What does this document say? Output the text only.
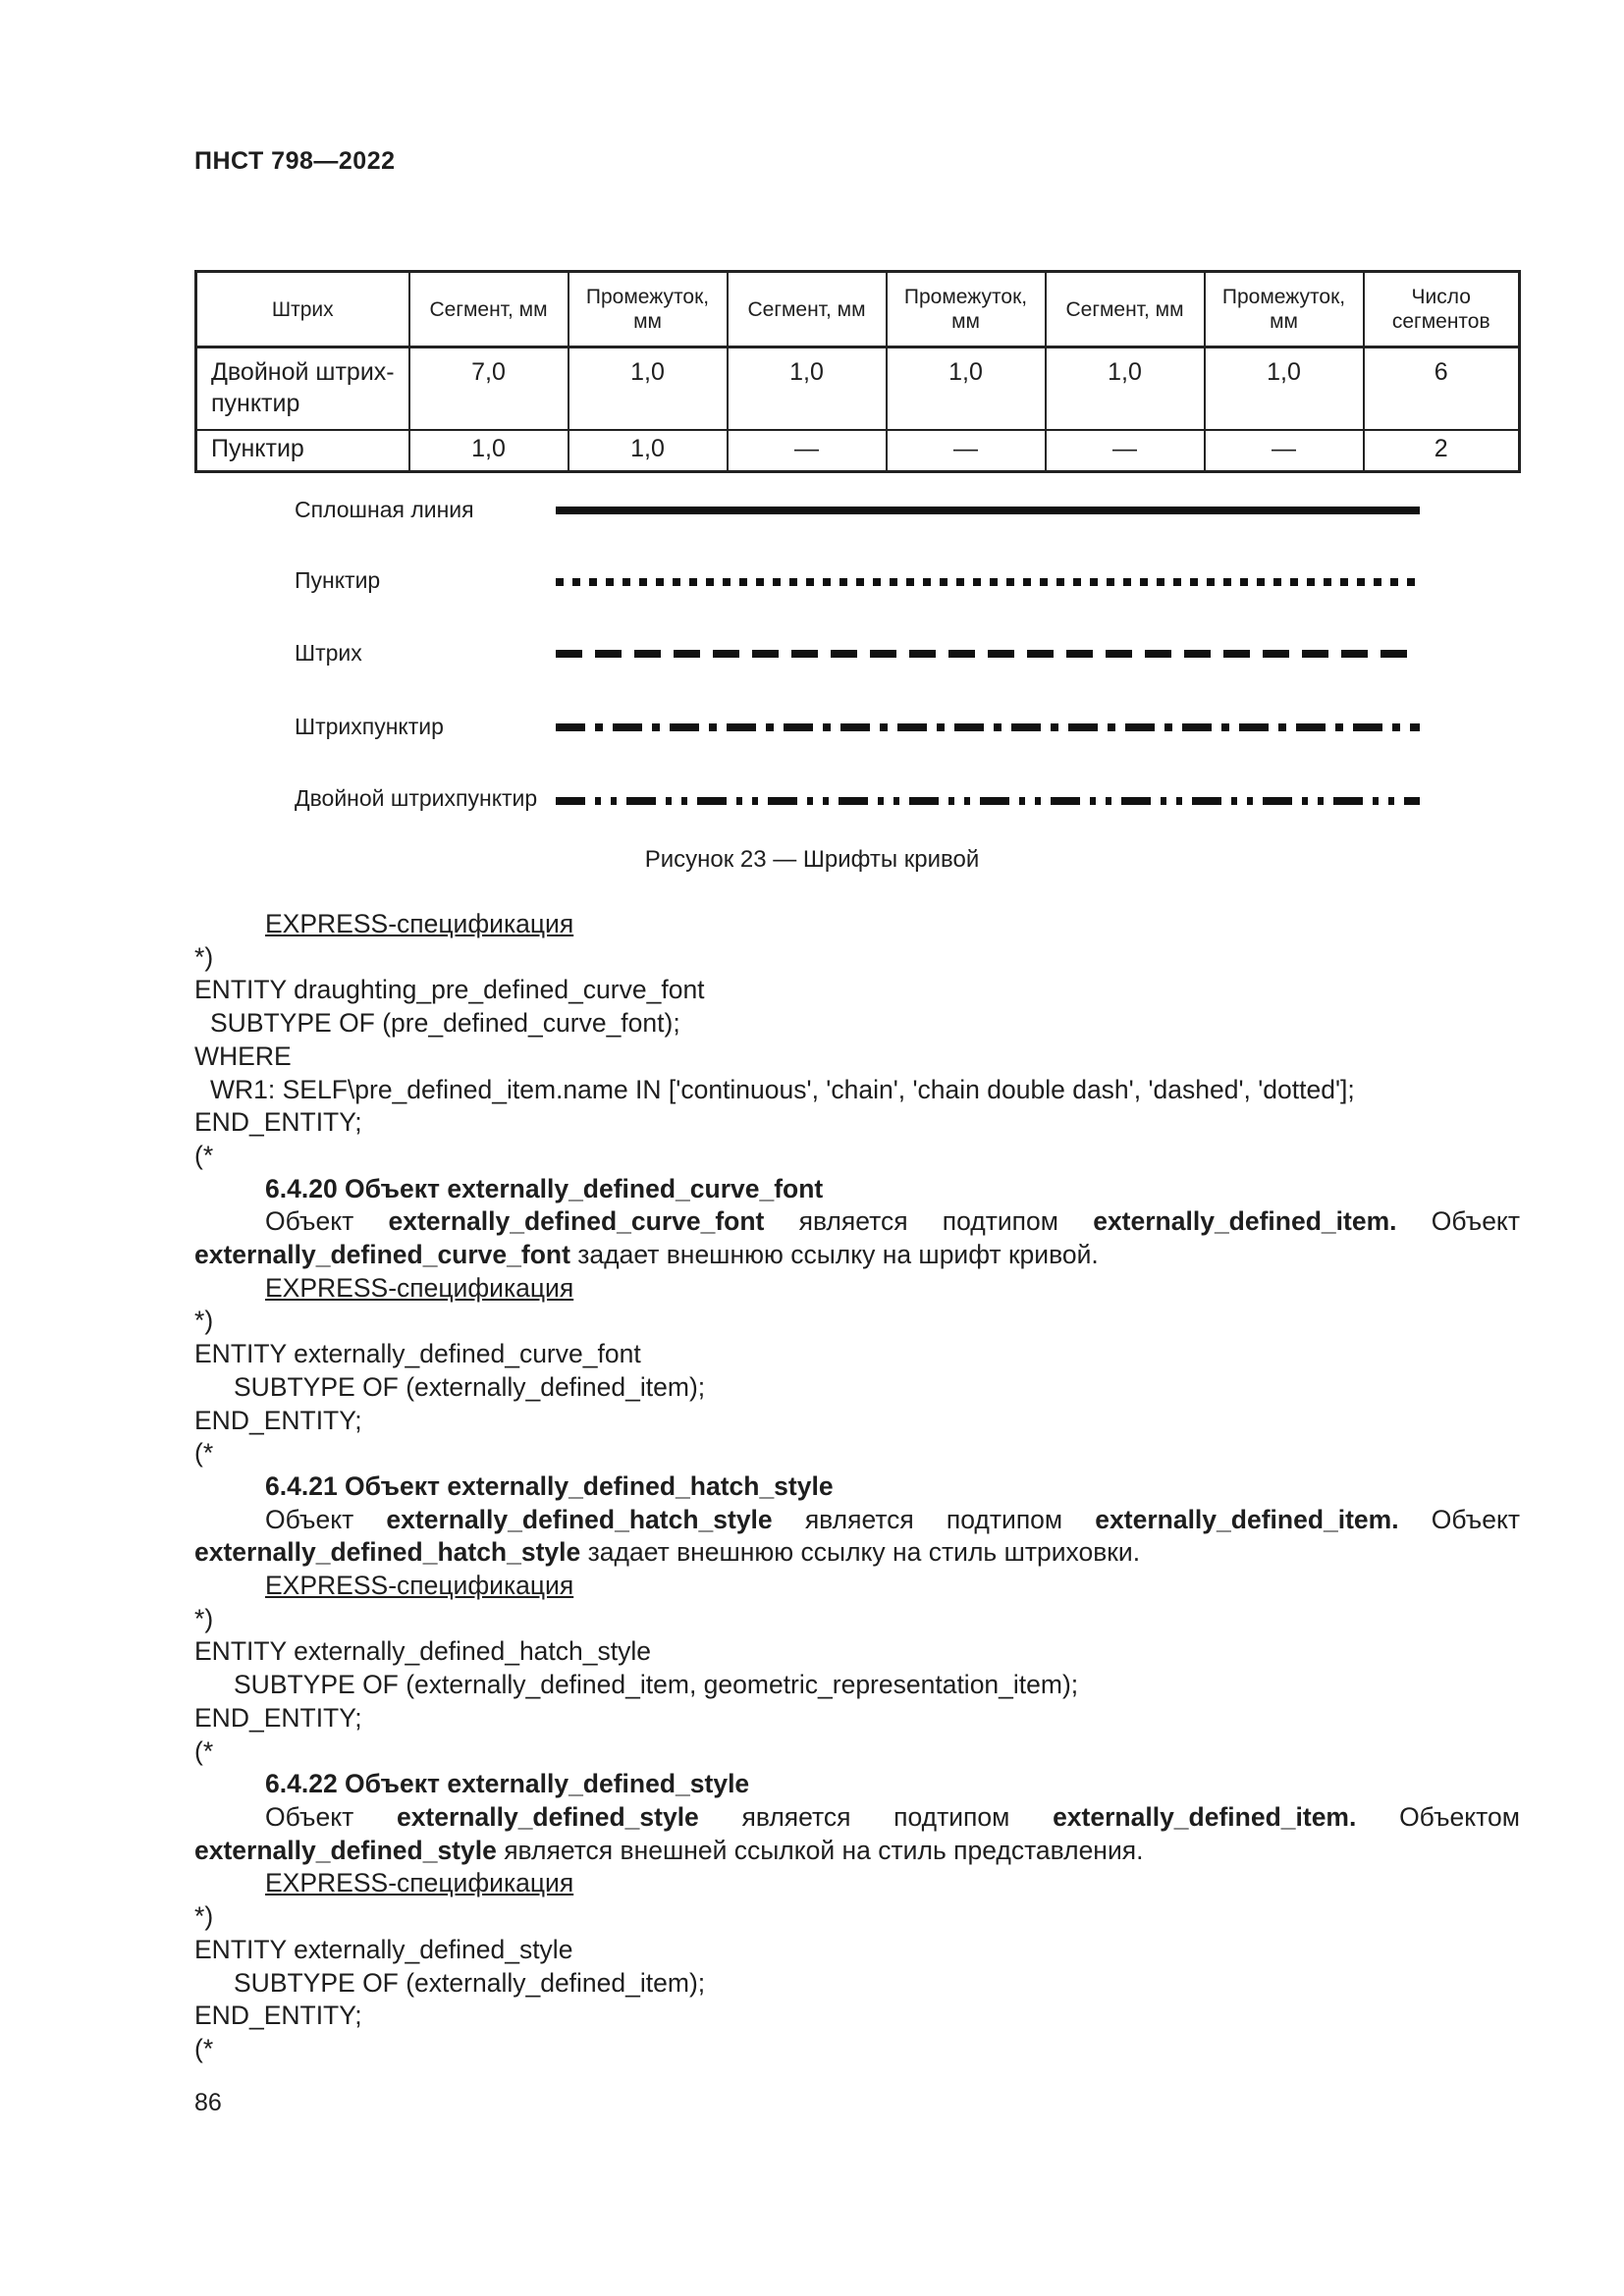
ПНСТ 798—2022
Штрих	Сегмент, мм	Промежуток, мм	Сегмент, мм	Промежуток, мм	Сегмент, мм	Промежуток, мм	Число сегментов
Двойной штрих-пунктир	7,0	1,0	1,0	1,0	1,0	1,0	6
Пунктир	1,0	1,0	—	—	—	—	2
Сплошная линия
Пунктир
Штрих
Штрихпунктир
Двойной штрихпунктир
Рисунок 23 — Шрифты кривой

EXPRESS-спецификация

*)

ENTITY draughting_pre_defined_curve_font

SUBTYPE OF (pre_defined_curve_font);

WHERE

WR1: SELF\pre_defined_item.name IN ['continuous', 'chain', 'chain double dash', 'dashed', 'dotted'];

END_ENTITY;

(*

6.4.20 Объект externally_defined_curve_font

Объект externally_defined_curve_font является подтипом externally_defined_item. Объект

externally_defined_curve_font задает внешнюю ссылку на шрифт кривой.

EXPRESS-спецификация

*)

ENTITY externally_defined_curve_font

SUBTYPE OF (externally_defined_item);

END_ENTITY;

(*

6.4.21 Объект externally_defined_hatch_style

Объект externally_defined_hatch_style является подтипом externally_defined_item. Объект

externally_defined_hatch_style задает внешнюю ссылку на стиль штриховки.

EXPRESS-спецификация

*)

ENTITY externally_defined_hatch_style

SUBTYPE OF (externally_defined_item, geometric_representation_item);

END_ENTITY;

(*

6.4.22 Объект externally_defined_style

Объект externally_defined_style является подтипом externally_defined_item. Объектом

externally_defined_style является внешней ссылкой на стиль представления.

EXPRESS-спецификация

*)

ENTITY externally_defined_style

SUBTYPE OF (externally_defined_item);

END_ENTITY;

(*

86
